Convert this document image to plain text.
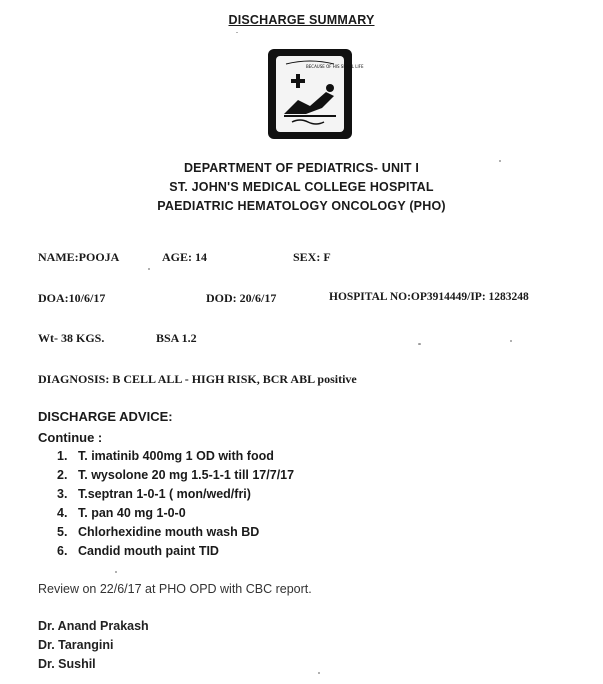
DISCHARGE SUMMARY
BECAUSE OF HIS SMALL LIFE
DEPARTMENT OF PEDIATRICS- UNIT I
ST. JOHN'S MEDICAL COLLEGE HOSPITAL
PAEDIATRIC HEMATOLOGY ONCOLOGY (PHO)
NAME:POOJA	AGE: 14	SEX: F
DOA:10/6/17	DOD: 20/6/17	HOSPITAL NO:OP3914449/IP: 1283248
Wt- 38 KGS.	BSA 1.2
DIAGNOSIS: B CELL ALL - HIGH RISK, BCR ABL positive
DISCHARGE ADVICE:
Continue :
1. T. imatinib 400mg 1 OD with food
2. T. wysolone 20 mg 1.5-1-1 till 17/7/17
3. T.septran 1-0-1 ( mon/wed/fri)
4. T. pan 40 mg 1-0-0
5. Chlorhexidine mouth wash BD
6. Candid mouth paint TID
Review on 22/6/17 at PHO OPD with CBC report.
Dr. Anand Prakash
Dr. Tarangini
Dr. Sushil
